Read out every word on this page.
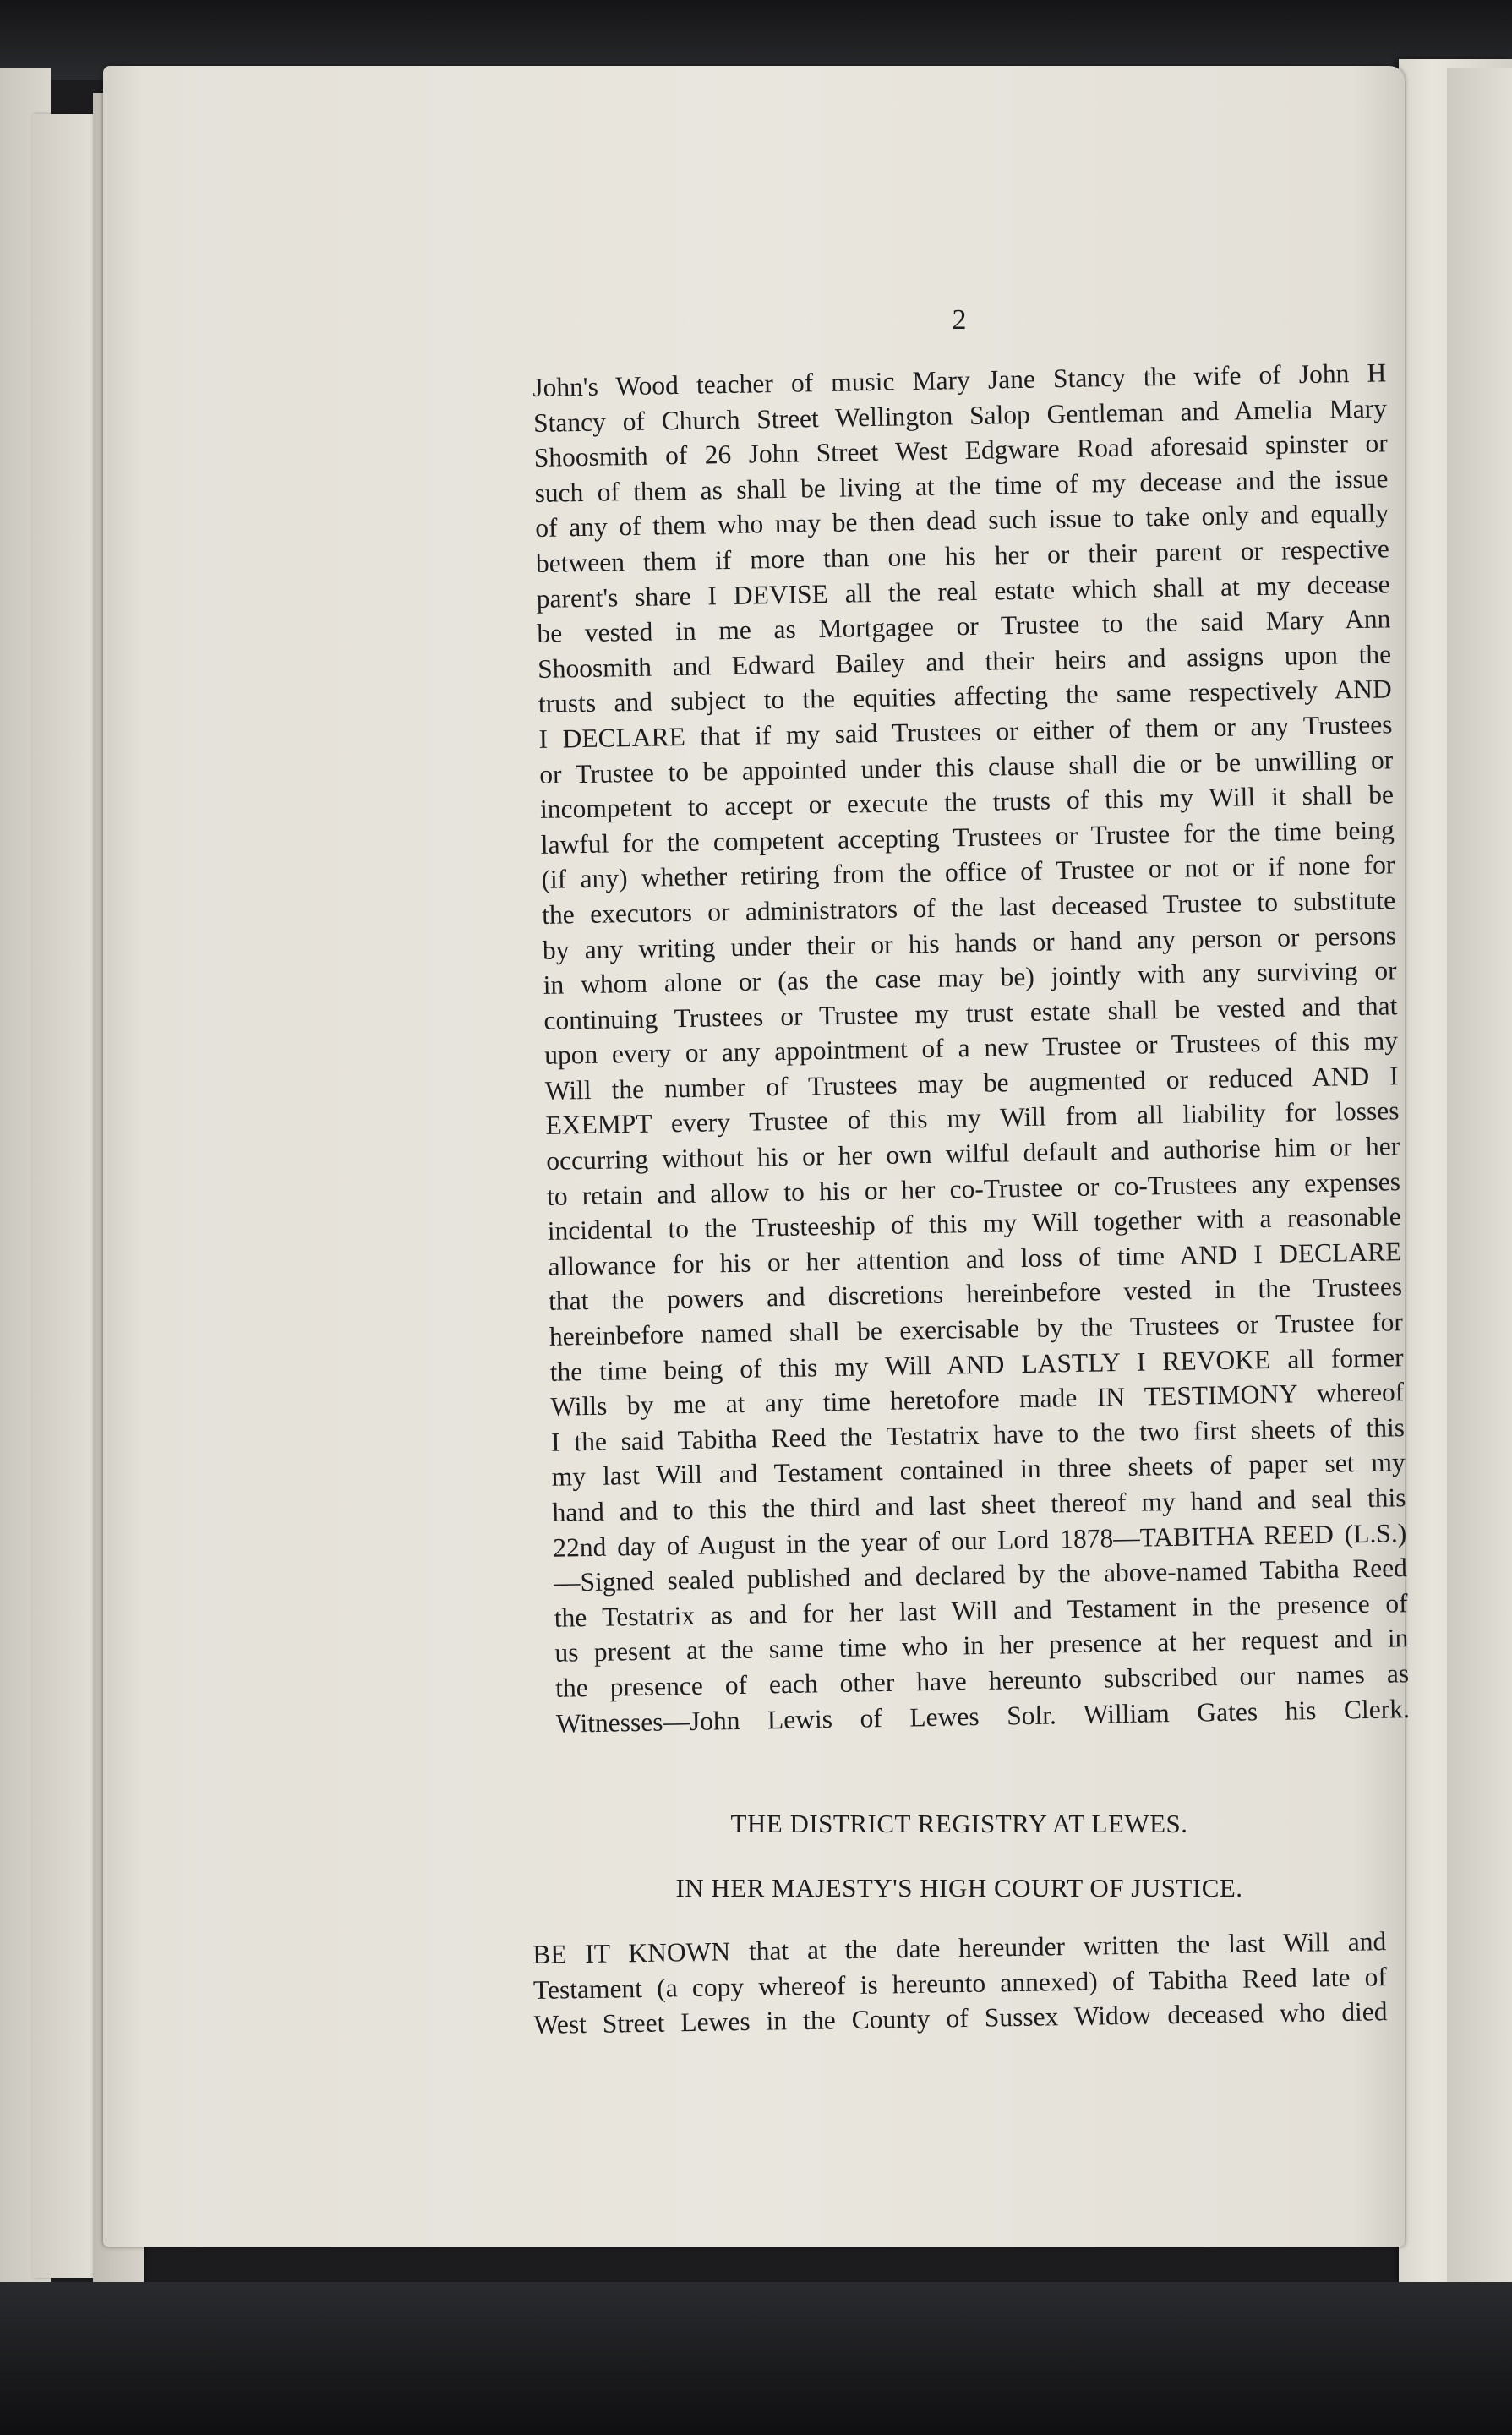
2
John's Wood teacher of music Mary Jane Stancy the wife of John H
Stancy of Church Street Wellington Salop Gentleman and Amelia Mary
Shoosmith of 26 John Street West Edgware Road aforesaid spinster or
such of them as shall be living at the time of my decease and the issue
of any of them who may be then dead such issue to take only and equally
between them if more than one his her or their parent or respective
parent's share I DEVISE all the real estate which shall at my decease
be vested in me as Mortgagee or Trustee to the said Mary Ann
Shoosmith and Edward Bailey and their heirs and assigns upon the
trusts and subject to the equities affecting the same respectively AND
I DECLARE that if my said Trustees or either of them or any Trustees
or Trustee to be appointed under this clause shall die or be unwilling or
incompetent to accept or execute the trusts of this my Will it shall be
lawful for the competent accepting Trustees or Trustee for the time being
(if any) whether retiring from the office of Trustee or not or if none for
the executors or administrators of the last deceased Trustee to substitute
by any writing under their or his hands or hand any person or persons
in whom alone or (as the case may be) jointly with any surviving or
continuing Trustees or Trustee my trust estate shall be vested and that
upon every or any appointment of a new Trustee or Trustees of this my
Will the number of Trustees may be augmented or reduced AND I
EXEMPT every Trustee of this my Will from all liability for losses
occurring without his or her own wilful default and authorise him or her
to retain and allow to his or her co-Trustee or co-Trustees any expenses
incidental to the Trusteeship of this my Will together with a reasonable
allowance for his or her attention and loss of time AND I DECLARE
that the powers and discretions hereinbefore vested in the Trustees
hereinbefore named shall be exercisable by the Trustees or Trustee for
the time being of this my Will AND LASTLY I REVOKE all former
Wills by me at any time heretofore made IN TESTIMONY whereof
I the said Tabitha Reed the Testatrix have to the two first sheets of this
my last Will and Testament contained in three sheets of paper set my
hand and to this the third and last sheet thereof my hand and seal this
22nd day of August in the year of our Lord 1878—TABITHA REED (L.S.)
—Signed sealed published and declared by the above-named Tabitha Reed
the Testatrix as and for her last Will and Testament in the presence of
us present at the same time who in her presence at her request and in
the presence of each other have hereunto subscribed our names as
Witnesses—John Lewis of Lewes Solr. William Gates his Clerk.
THE DISTRICT REGISTRY AT LEWES.
IN HER MAJESTY'S HIGH COURT OF JUSTICE.
BE IT KNOWN that at the date hereunder written the last Will and
Testament (a copy whereof is hereunto annexed) of Tabitha Reed late of
West Street Lewes in the County of Sussex Widow deceased who died
